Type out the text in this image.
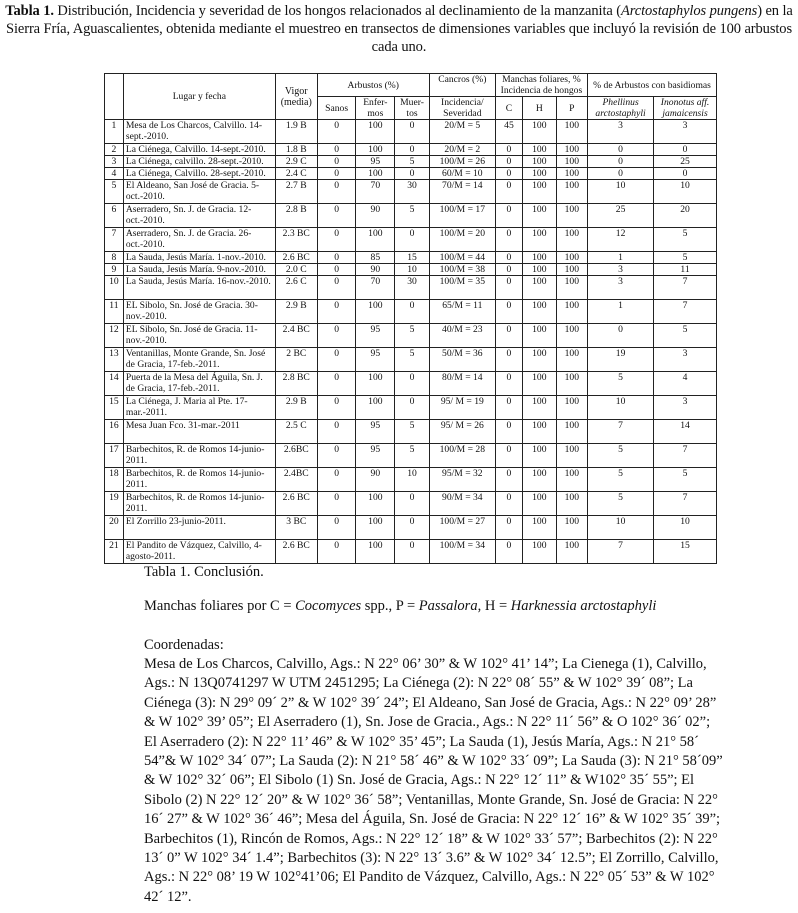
Tabla 1. Distribución, Incidencia y severidad de los hongos relacionados al declinamiento de la manzanita (Arctostaphylos pungens) en la Sierra Fría, Aguascalientes, obtenida mediante el muestreo en transectos de dimensiones variables que incluyó la revisión de 100 arbustos cada uno.
	Lugar y fecha	Vigor (media)	Arbustos (%)			Cancros (%)	Manchas foliares, % Incidencia de hongos			% de Arbustos con basidiomas	
			Sanos	Enfer- mos	Muer- tos	Incidencia/ Severidad	C	H	P	Phellinus arctostaphyli	Inonotus aff. jamaicensis
1	Mesa de Los Charcos, Calvillo. 14-sept.-2010.	1.9 B	0	100	0	20/M = 5	45	100	100	3	3
2	La Ciénega, Calvillo. 14-sept.-2010.	1.8 B	0	100	0	20/M = 2	0	100	100	0	0
3	La Ciénega, calvillo. 28-sept.-2010.	2.9 C	0	95	5	100/M = 26	0	100	100	0	25
4	La Ciénega, Calvillo. 28-sept.-2010.	2.4 C	0	100	0	60/M = 10	0	100	100	0	0
5	El Aldeano, San José de Gracia. 5-oct.-2010.	2.7 B	0	70	30	70/M = 14	0	100	100	10	10
6	Aserradero, Sn. J. de Gracia. 12-oct.-2010.	2.8 B	0	90	5	100/M = 17	0	100	100	25	20
7	Aserradero, Sn. J. de Gracia. 26-oct.-2010.	2.3 BC	0	100	0	100/M = 20	0	100	100	12	5
8	La Sauda, Jesús María. 1-nov.-2010.	2.6 BC	0	85	15	100/M = 44	0	100	100	1	5
9	La Sauda, Jesús María. 9-nov.-2010.	2.0 C	0	90	10	100/M = 38	0	100	100	3	11
10	La Sauda, Jesús María. 16-nov.-2010.	2.6 C	0	70	30	100/M = 35	0	100	100	3	7
11	EL Sibolo, Sn. José de Gracia. 30-nov.-2010.	2.9 B	0	100	0	65/M = 11	0	100	100	1	7
12	EL Sibolo, Sn. José de Gracia. 11-nov.-2010.	2.4 BC	0	95	5	40/M = 23	0	100	100	0	5
13	Ventanillas, Monte Grande, Sn. José de Gracia, 17-feb.-2011.	2 BC	0	95	5	50/M = 36	0	100	100	19	3
14	Puerta de la Mesa del Águila, Sn. J. de Gracia, 17-feb.-2011.	2.8 BC	0	100	0	80/M = 14	0	100	100	5	4
15	La Ciénega, J. Maria al Pte. 17-mar.-2011.	2.9 B	0	100	0	95/ M = 19	0	100	100	10	3
16	Mesa Juan Fco. 31-mar.-2011	2.5 C	0	95	5	95/ M = 26	0	100	100	7	14
17	Barbechitos, R. de Romos 14-junio-2011.	2.6BC	0	95	5	100/M = 28	0	100	100	5	7
18	Barbechitos, R. de Romos 14-junio-2011.	2.4BC	0	90	10	95/M = 32	0	100	100	5	5
19	Barbechitos, R. de Romos 14-junio-2011.	2.6 BC	0	100	0	90/M = 34	0	100	100	5	7
20	El Zorrillo 23-junio-2011.	3 BC	0	100	0	100/M = 27	0	100	100	10	10
21	El Pandito de Vázquez, Calvillo, 4-agosto-2011.	2.6 BC	0	100	0	100/M = 34	0	100	100	7	15
Tabla 1. Conclusión.
Manchas foliares por C = Cocomyces spp., P = Passalora, H = Harknessia arctostaphyli
Coordenadas:
Mesa de Los Charcos, Calvillo, Ags.: N 22° 06’ 30” & W 102° 41’ 14”; La Cienega (1), Calvillo, Ags.: N 13Q0741297 W UTM 2451295; La Ciénega (2): N 22° 08´ 55” & W 102° 39´ 08”; La Ciénega (3): N 29° 09´ 2” & W 102° 39´ 24”; El Aldeano, San José de Gracia, Ags.: N 22° 09’ 28” & W 102° 39’ 05”; El Aserradero (1), Sn. Jose de Gracia., Ags.: N 22° 11´ 56” & O 102° 36´ 02”; El Aserradero (2): N 22° 11’ 46” & W 102° 35’ 45”; La Sauda (1), Jesús María, Ags.: N 21° 58´ 54”& W 102° 34´ 07”; La Sauda (2): N 21° 58´ 46” & W 102° 33´ 09”; La Sauda (3): N 21° 58´09” & W 102° 32´ 06”; El Sibolo (1) Sn. José de Gracia, Ags.: N 22° 12´ 11” & W102° 35´ 55”; El Sibolo (2) N 22° 12´ 20” & W 102° 36´ 58”; Ventanillas, Monte Grande, Sn. José de Gracia: N 22° 16´ 27” & W 102° 36´ 46”; Mesa del Águila, Sn. José de Gracia: N 22° 12´ 16” & W 102° 35´ 39”; Barbechitos (1), Rincón de Romos, Ags.: N 22° 12´ 18” & W 102° 33´ 57”; Barbechitos (2): N 22° 13´ 0” W 102° 34´ 1.4”; Barbechitos (3): N 22° 13´ 3.6” & W 102° 34´ 12.5”; El Zorrillo, Calvillo, Ags.: N 22° 08’ 19 W 102°41’06; El Pandito de Vázquez, Calvillo, Ags.: N 22° 05´ 53” & W 102° 42´ 12”.
